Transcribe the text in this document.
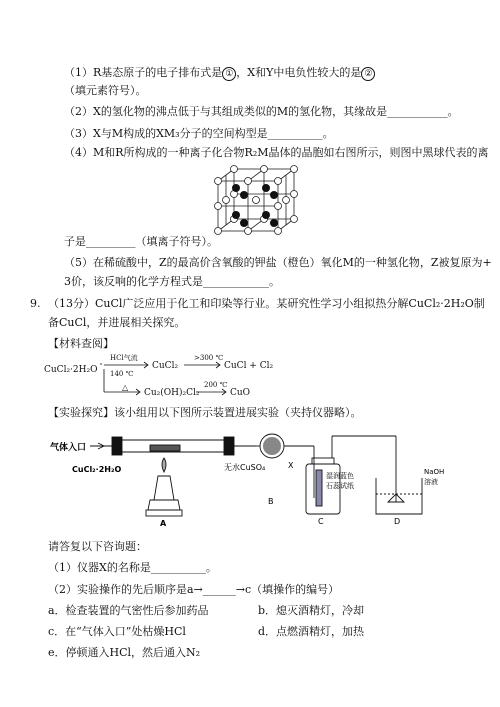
（1）R基态原子的电子排布式是 ① ，X和Y中电负性较大的是 ②
（填元素符号）。
（2）X的氢化物的沸点低于与其组成类似的M的氢化物，其缘故是___________。
（3）X与M构成的XM₃分子的空间构型是__________。
（4）M和R所构成的一种离子化合物R₂M晶体的晶胞如右图所示，则图中黑球代表的离
子是_________（填离子符号）。
（5）在稀硫酸中，Z的最高价含氧酸的钾盐（橙色）氧化M的一种氢化物，Z被复原为+
3价，该反响的化学方程式是____________。
9. （13分）CuCl广泛应用于化工和印染等行业。某研究性学习小组拟热分解CuCl₂·2H₂O制
备CuCl，并进展相关探究。
【材料查阅】
CuCl₂·2H₂O
HCl气流
140 ℃
CuCl₂
>300 ℃
CuCl + Cl₂
△
Cu₂(OH)₂Cl₂
200 ℃
CuO
【实验探究】该小组用以下图所示装置进展实验（夹持仪器略）。
气体入口
CuCl₂·2H₂O	无水CuSO₄	X
湿润蓝色
石蕊试纸
NaOH
溶液
A
B
C	D
请答复以下咨询题：
（1）仪器X的名称是__________。
（2）实验操作的先后顺序是a→______→c（填操作的编号）
a．检查装置的气密性后参加药品	b．熄灭酒精灯，冷却
c．在“气体入口”处枯燥HCl	d．点燃酒精灯，加热
e．停顿通入HCl，然后通入N₂
